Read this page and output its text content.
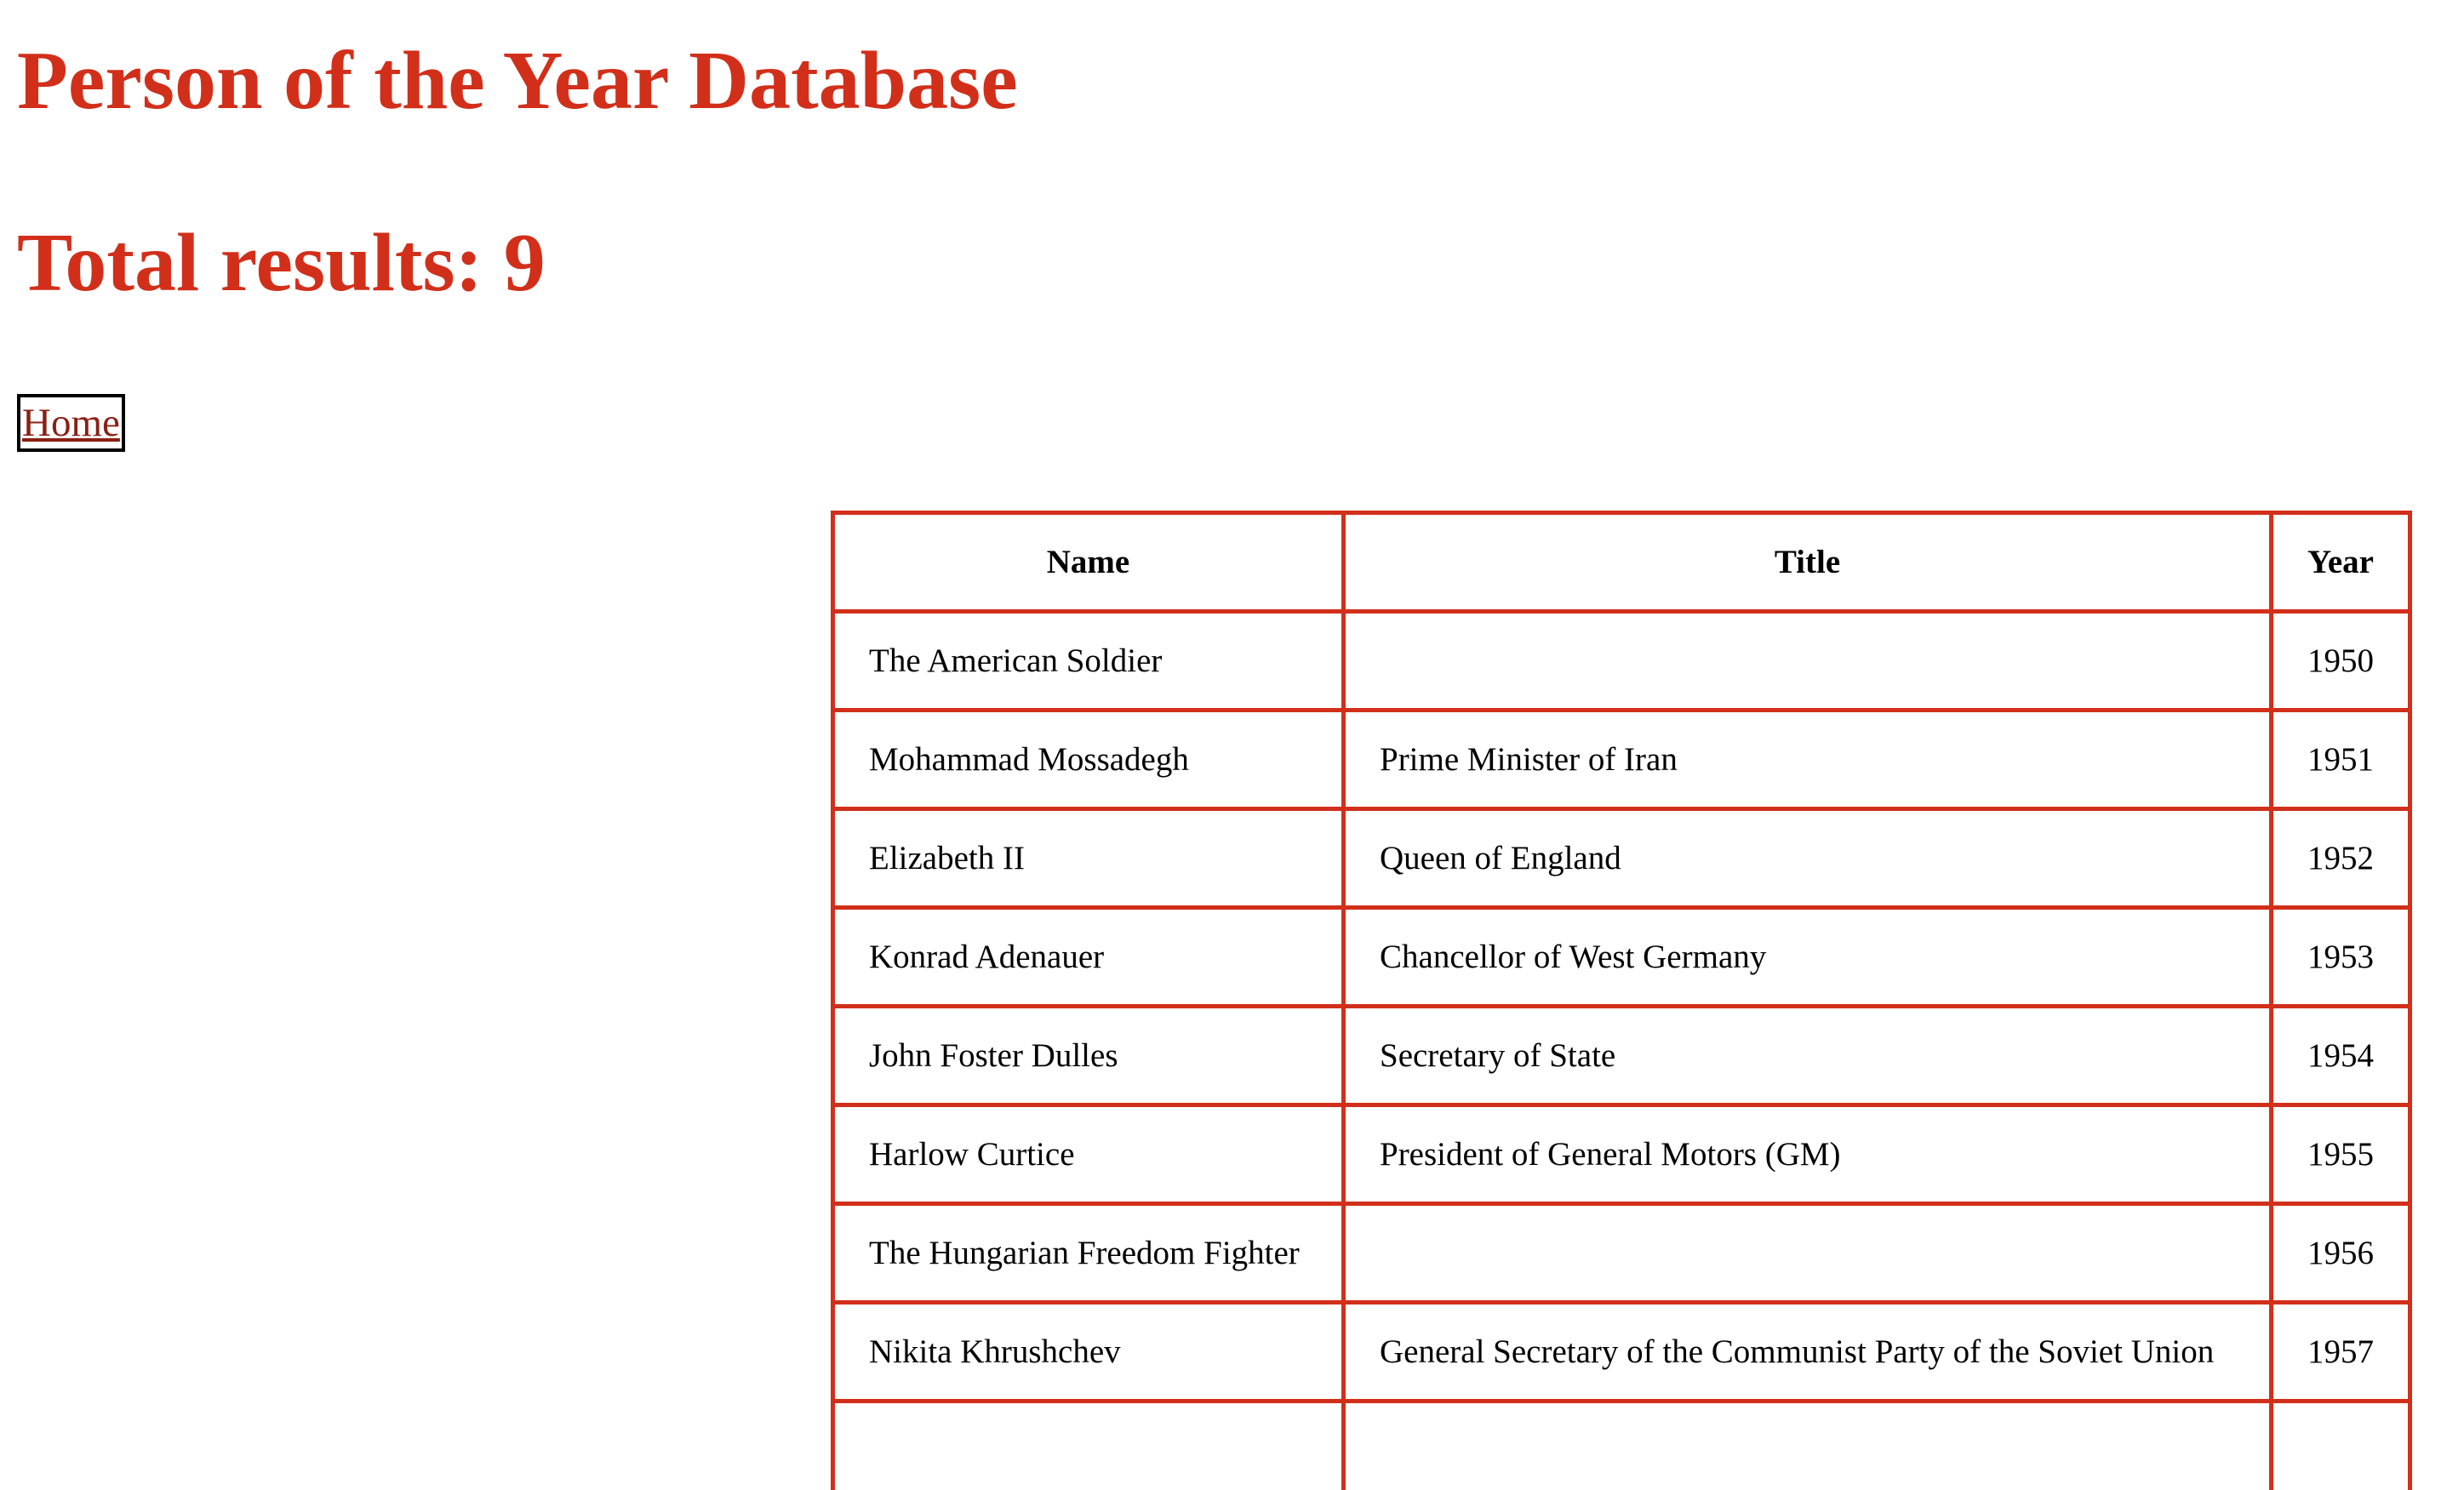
Person of the Year Database
Total results: 9
Home
Name	Title	Year
The American Soldier		1950
Mohammad Mossadegh	Prime Minister of Iran	1951
Elizabeth II	Queen of England	1952
Konrad Adenauer	Chancellor of West Germany	1953
John Foster Dulles	Secretary of State	1954
Harlow Curtice	President of General Motors (GM)	1955
The Hungarian Freedom Fighter		1956
Nikita Khrushchev	General Secretary of the Communist Party of the Soviet Union	1957
